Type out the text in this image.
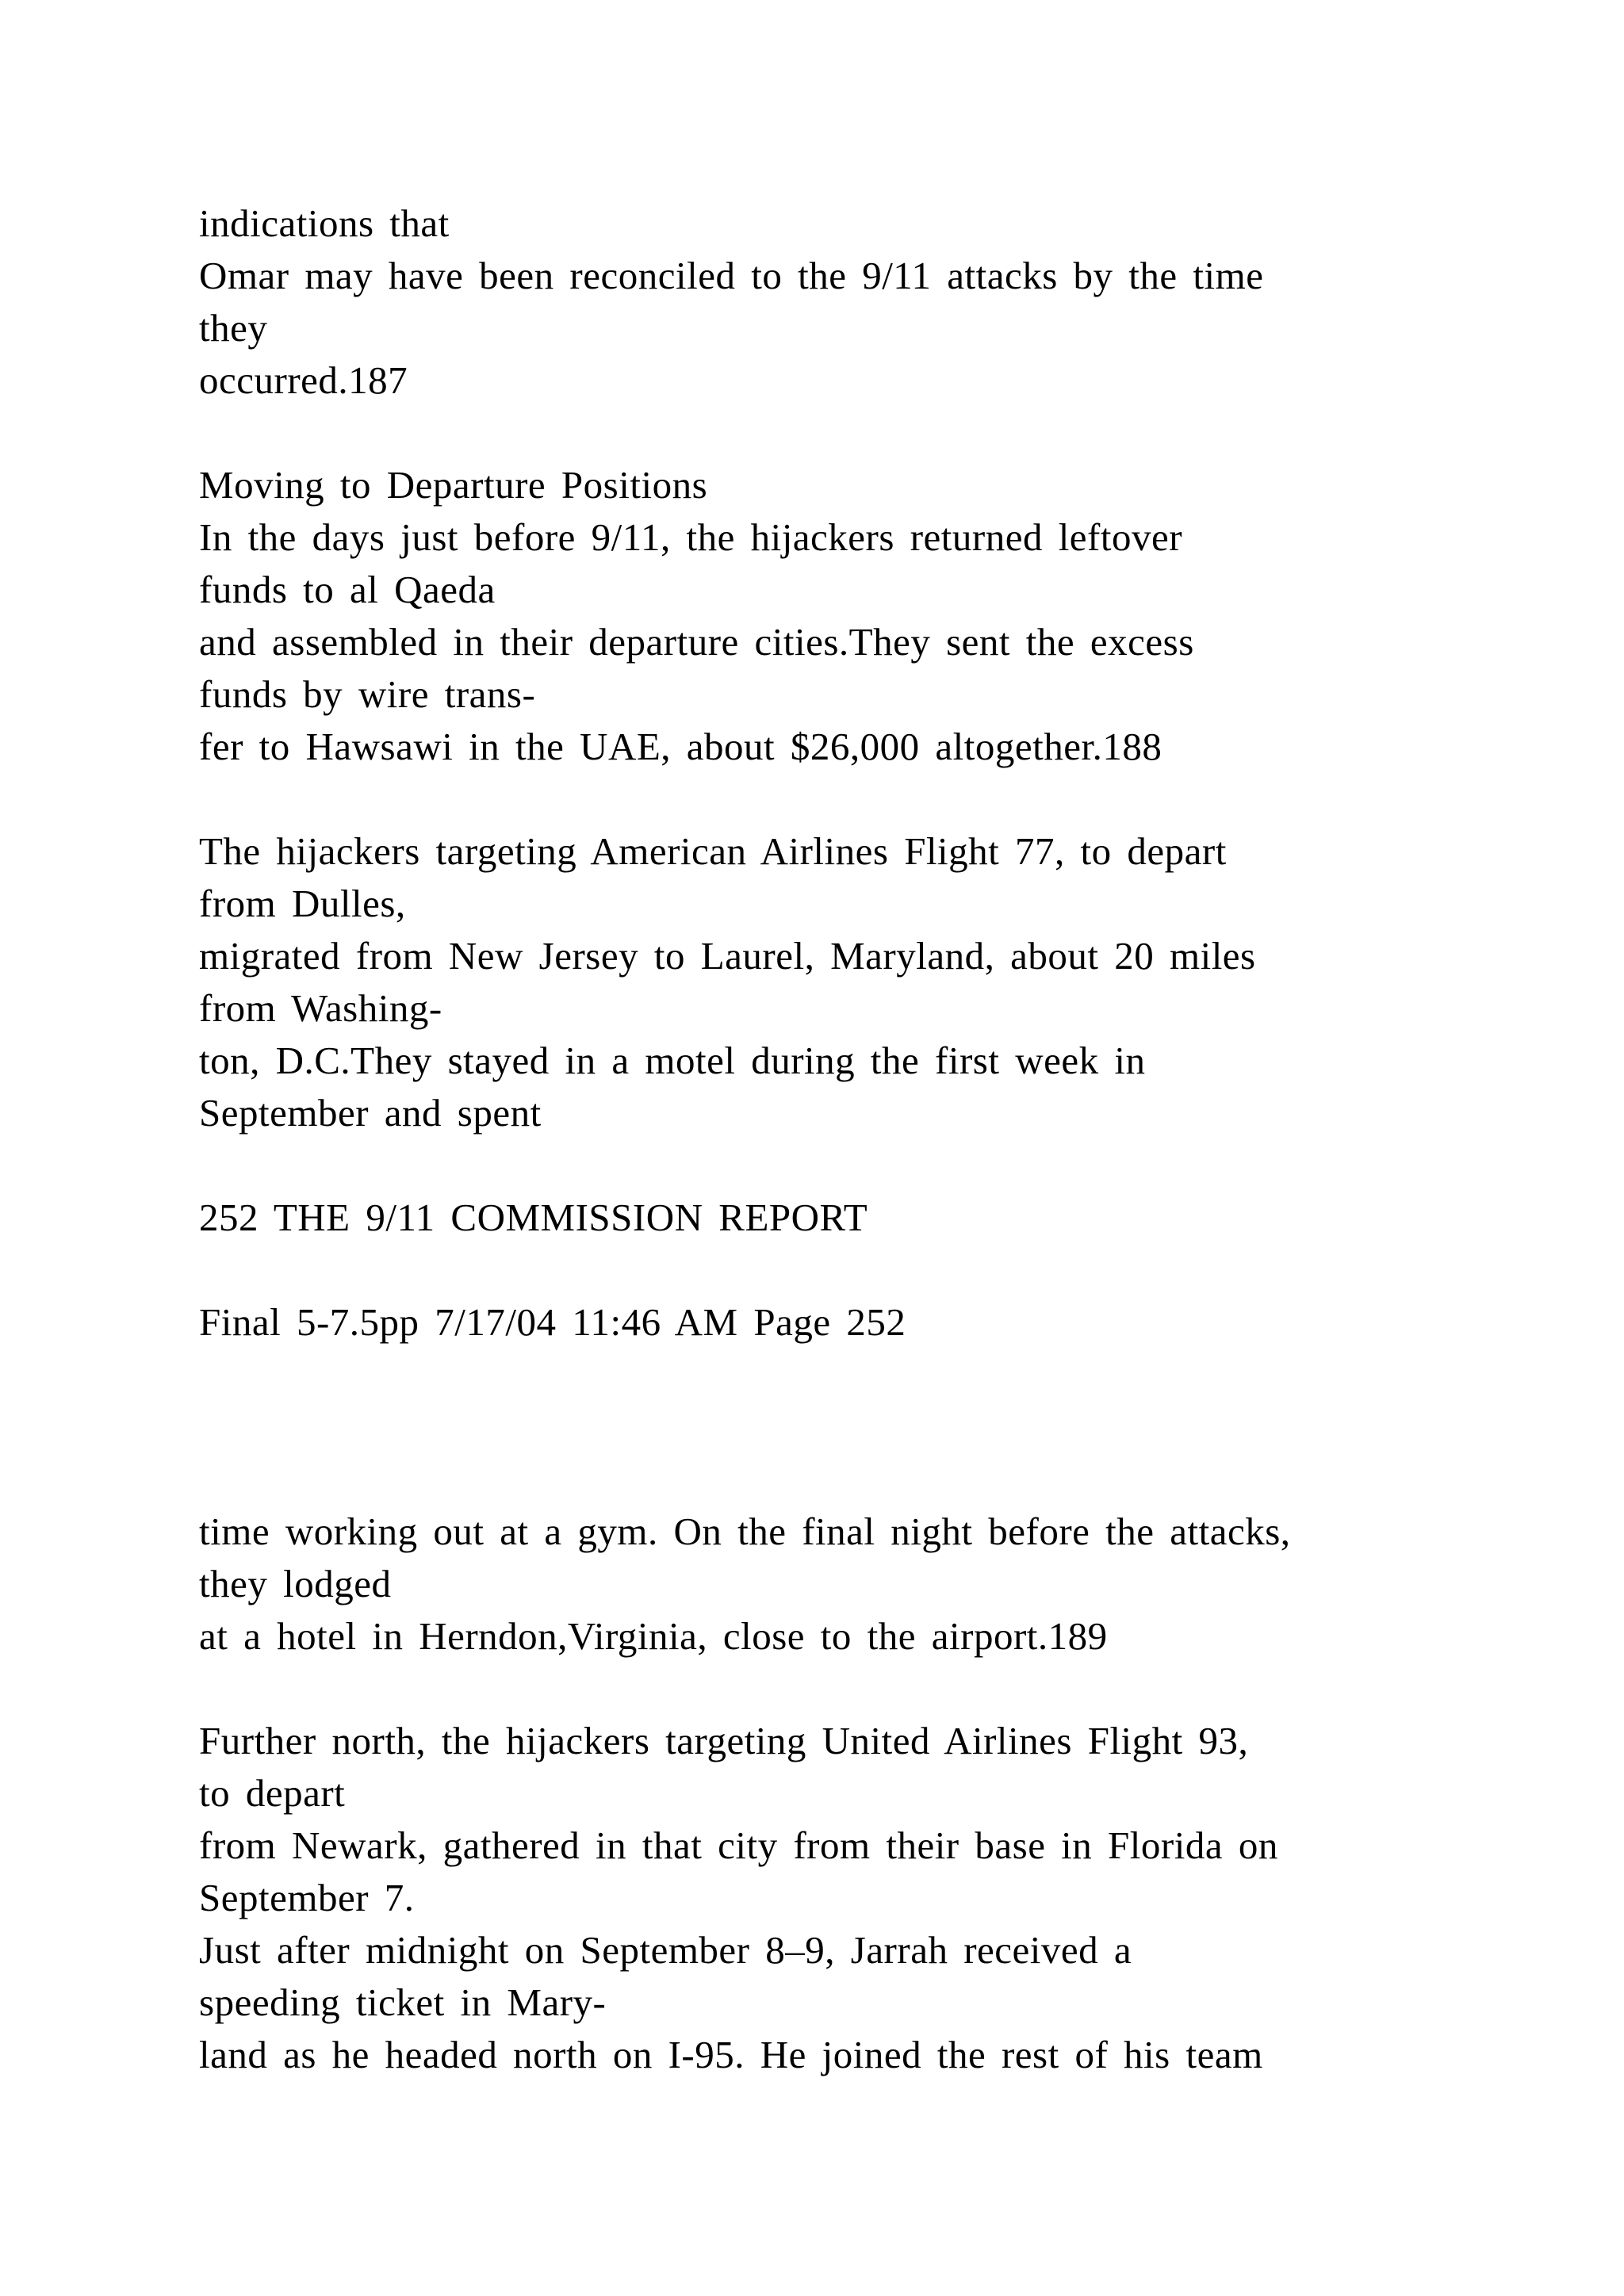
indications that
Omar may have been reconciled to the 9/11 attacks by the time
they
occurred.187
Moving to Departure Positions
In the days just before 9/11, the hijackers returned leftover
funds to al Qaeda
and assembled in their departure cities.They sent the excess
funds by wire trans-
fer to Hawsawi in the UAE, about $26,000 altogether.188
The hijackers targeting American Airlines Flight 77, to depart
from Dulles,
migrated from New Jersey to Laurel, Maryland, about 20 miles
from Washing-
ton, D.C.They stayed in a motel during the first week in
September and spent
252 THE 9/11 COMMISSION REPORT
Final 5-7.5pp 7/17/04 11:46 AM Page 252
time working out at a gym. On the final night before the attacks,
they lodged
at a hotel in Herndon,Virginia, close to the airport.189
Further north, the hijackers targeting United Airlines Flight 93,
to depart
from Newark, gathered in that city from their base in Florida on
September 7.
Just after midnight on September 8–9, Jarrah received a
speeding ticket in Mary-
land as he headed north on I-95. He joined the rest of his team
